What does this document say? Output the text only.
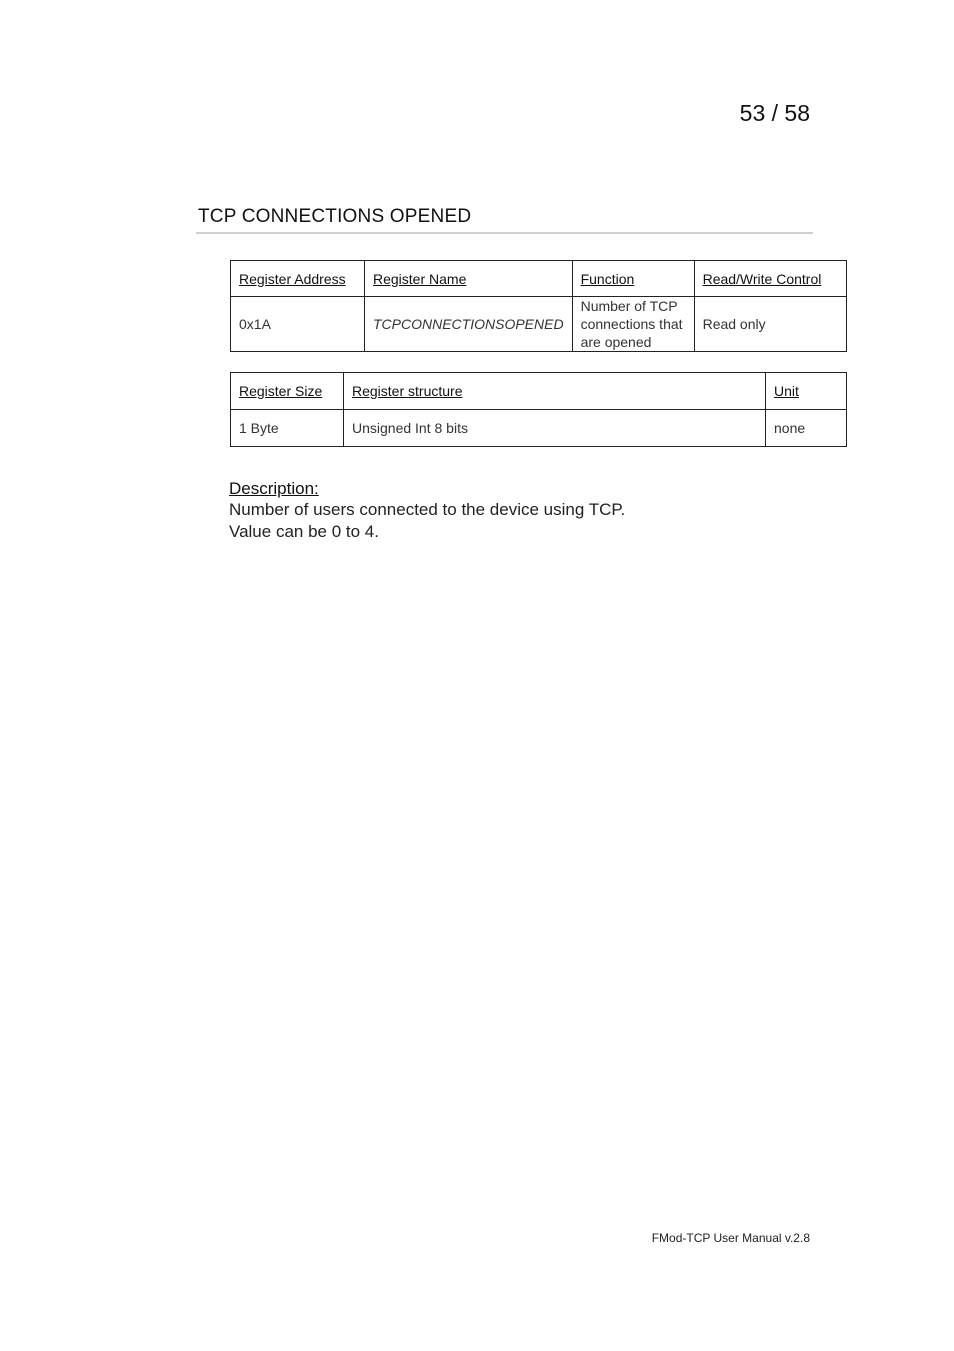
53 / 58
TCP CONNECTIONS OPENED
Register Address	Register Name	Function	Read/Write Control
0x1A	TCPCONNECTIONSOPENED	Number of TCP connections that are opened	Read only
Register Size	Register structure	Unit
1 Byte	Unsigned Int 8 bits	none
Description:
Number of users connected to the device using TCP.
Value can be 0 to 4.
FMod-TCP User Manual v.2.8
